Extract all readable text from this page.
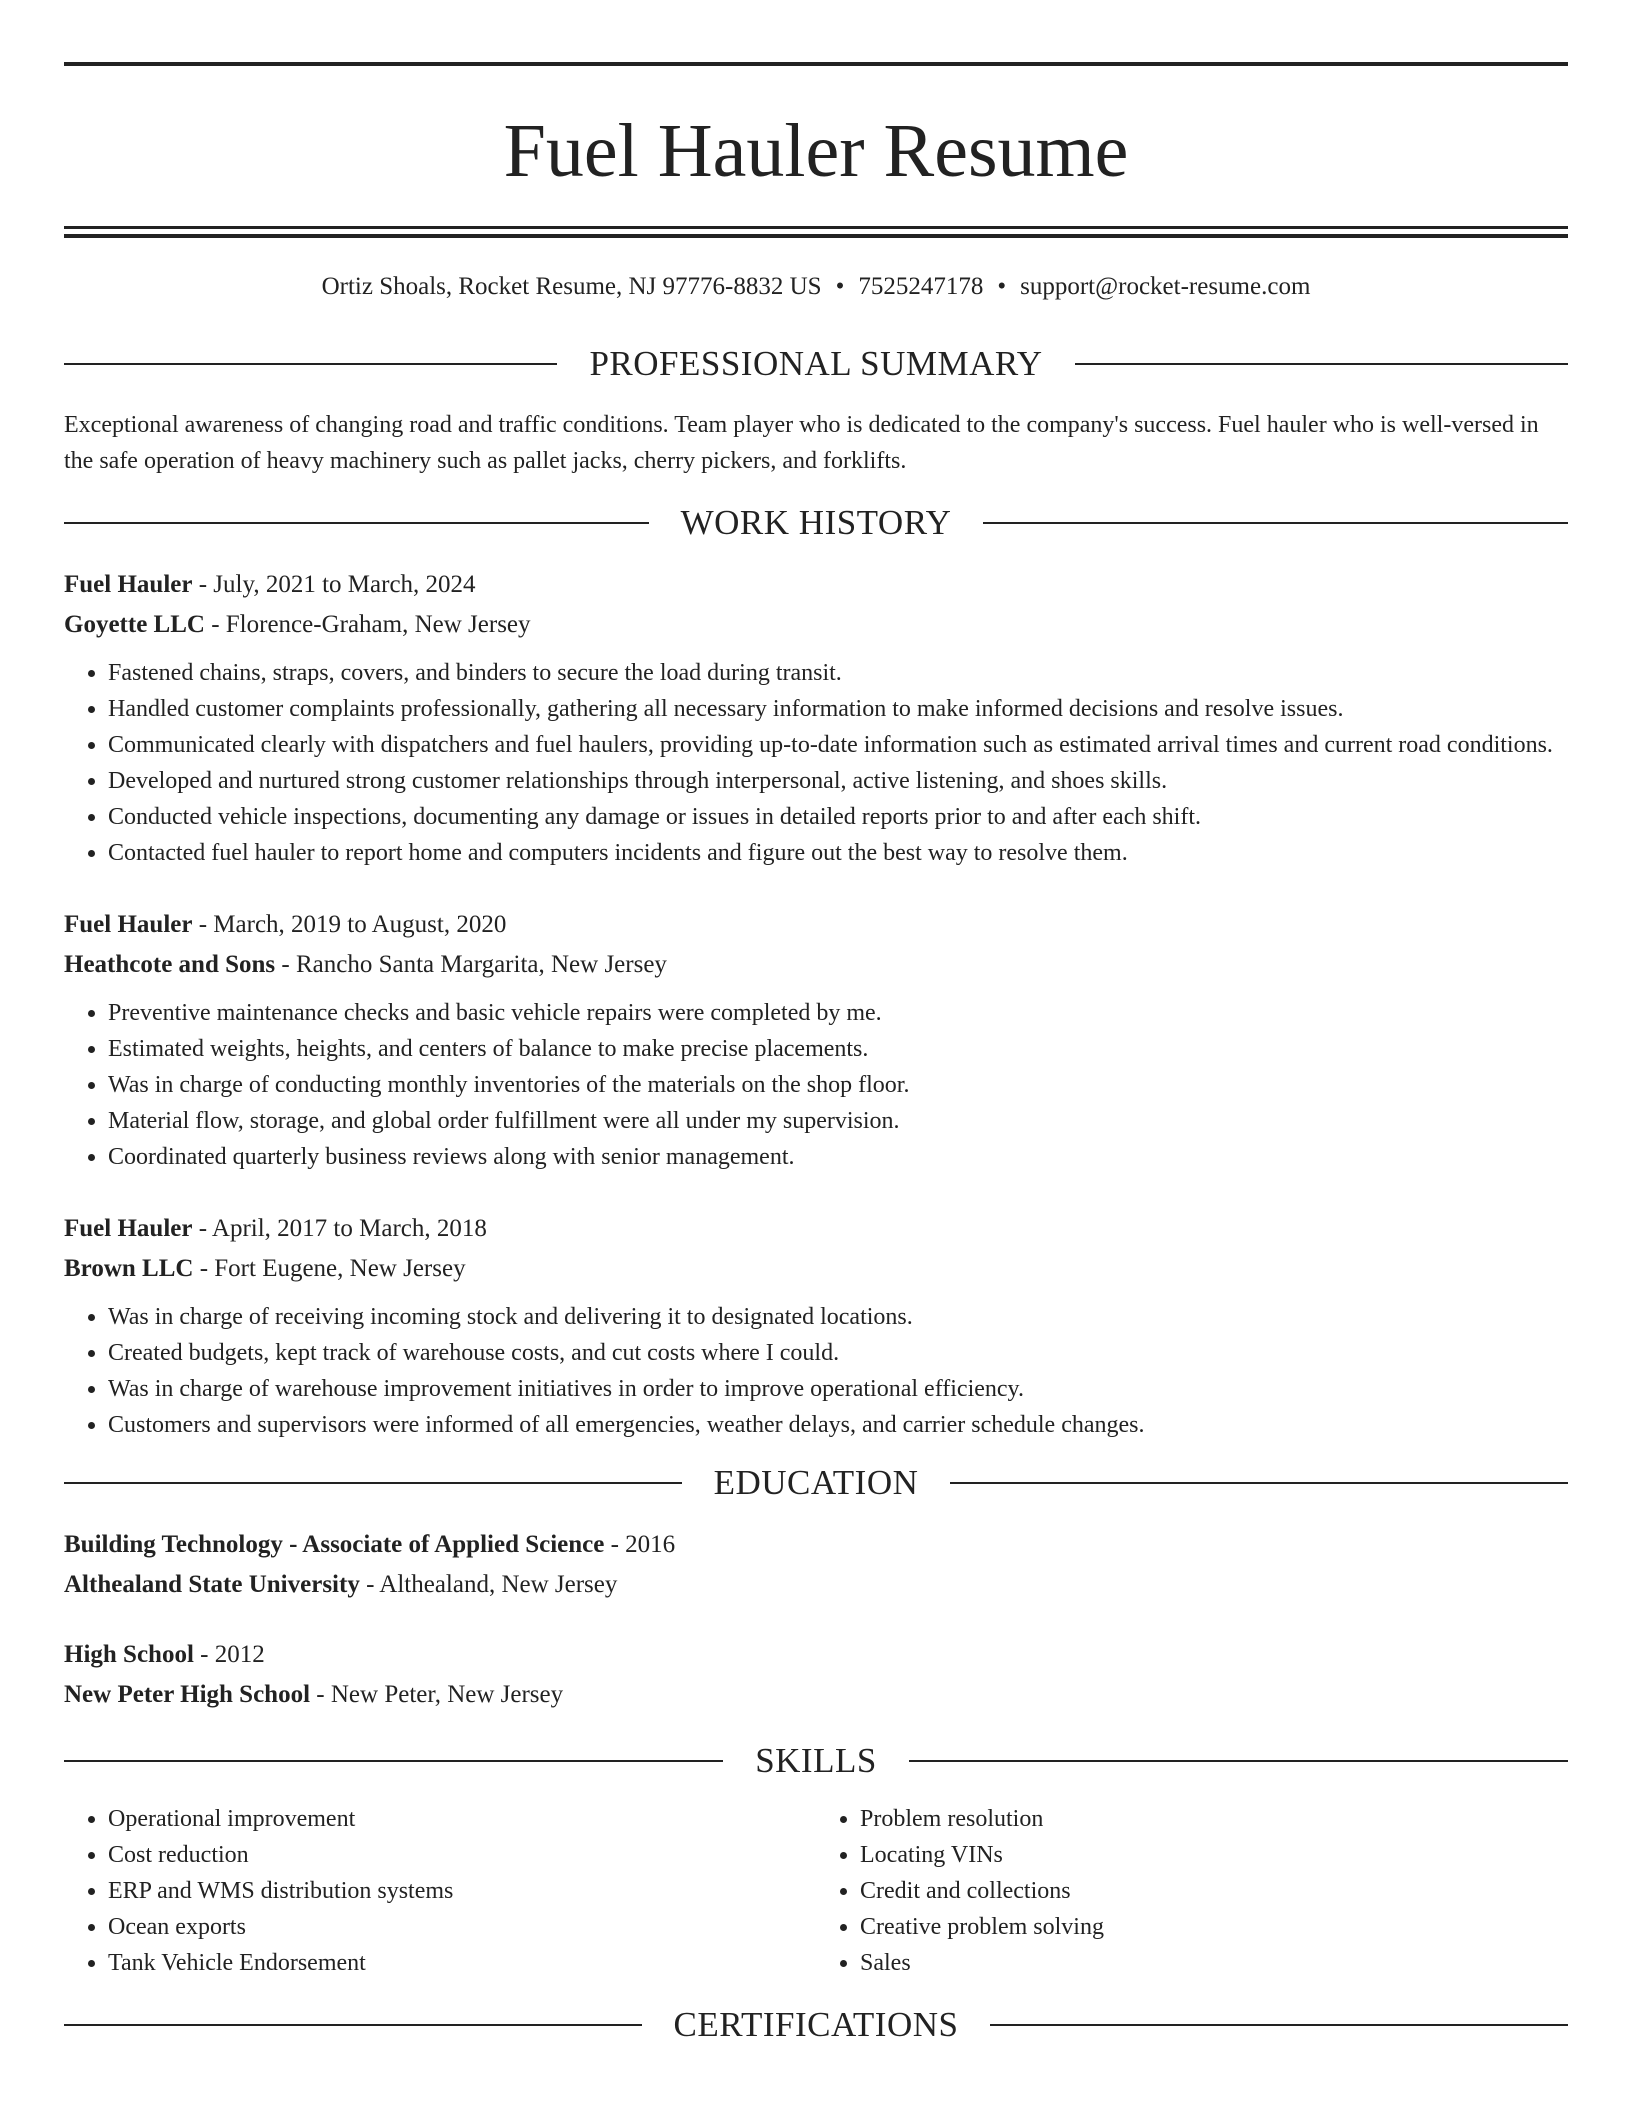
Fuel Hauler Resume
Ortiz Shoals, Rocket Resume, NJ 97776-8832 US • 7525247178 • support@rocket-resume.com
PROFESSIONAL SUMMARY
Exceptional awareness of changing road and traffic conditions. Team player who is dedicated to the company's success. Fuel hauler who is well-versed in the safe operation of heavy machinery such as pallet jacks, cherry pickers, and forklifts.
WORK HISTORY
Fuel Hauler - July, 2021 to March, 2024
Goyette LLC - Florence-Graham, New Jersey
• Fastened chains, straps, covers, and binders to secure the load during transit.
• Handled customer complaints professionally, gathering all necessary information to make informed decisions and resolve issues.
• Communicated clearly with dispatchers and fuel haulers, providing up-to-date information such as estimated arrival times and current road conditions.
• Developed and nurtured strong customer relationships through interpersonal, active listening, and shoes skills.
• Conducted vehicle inspections, documenting any damage or issues in detailed reports prior to and after each shift.
• Contacted fuel hauler to report home and computers incidents and figure out the best way to resolve them.
Fuel Hauler - March, 2019 to August, 2020
Heathcote and Sons - Rancho Santa Margarita, New Jersey
• Preventive maintenance checks and basic vehicle repairs were completed by me.
• Estimated weights, heights, and centers of balance to make precise placements.
• Was in charge of conducting monthly inventories of the materials on the shop floor.
• Material flow, storage, and global order fulfillment were all under my supervision.
• Coordinated quarterly business reviews along with senior management.
Fuel Hauler - April, 2017 to March, 2018
Brown LLC - Fort Eugene, New Jersey
• Was in charge of receiving incoming stock and delivering it to designated locations.
• Created budgets, kept track of warehouse costs, and cut costs where I could.
• Was in charge of warehouse improvement initiatives in order to improve operational efficiency.
• Customers and supervisors were informed of all emergencies, weather delays, and carrier schedule changes.
EDUCATION
Building Technology - Associate of Applied Science - 2016
Althealand State University - Althealand, New Jersey
High School - 2012
New Peter High School - New Peter, New Jersey
SKILLS
• Operational improvement
• Cost reduction
• ERP and WMS distribution systems
• Ocean exports
• Tank Vehicle Endorsement
• Problem resolution
• Locating VINs
• Credit and collections
• Creative problem solving
• Sales
CERTIFICATIONS
